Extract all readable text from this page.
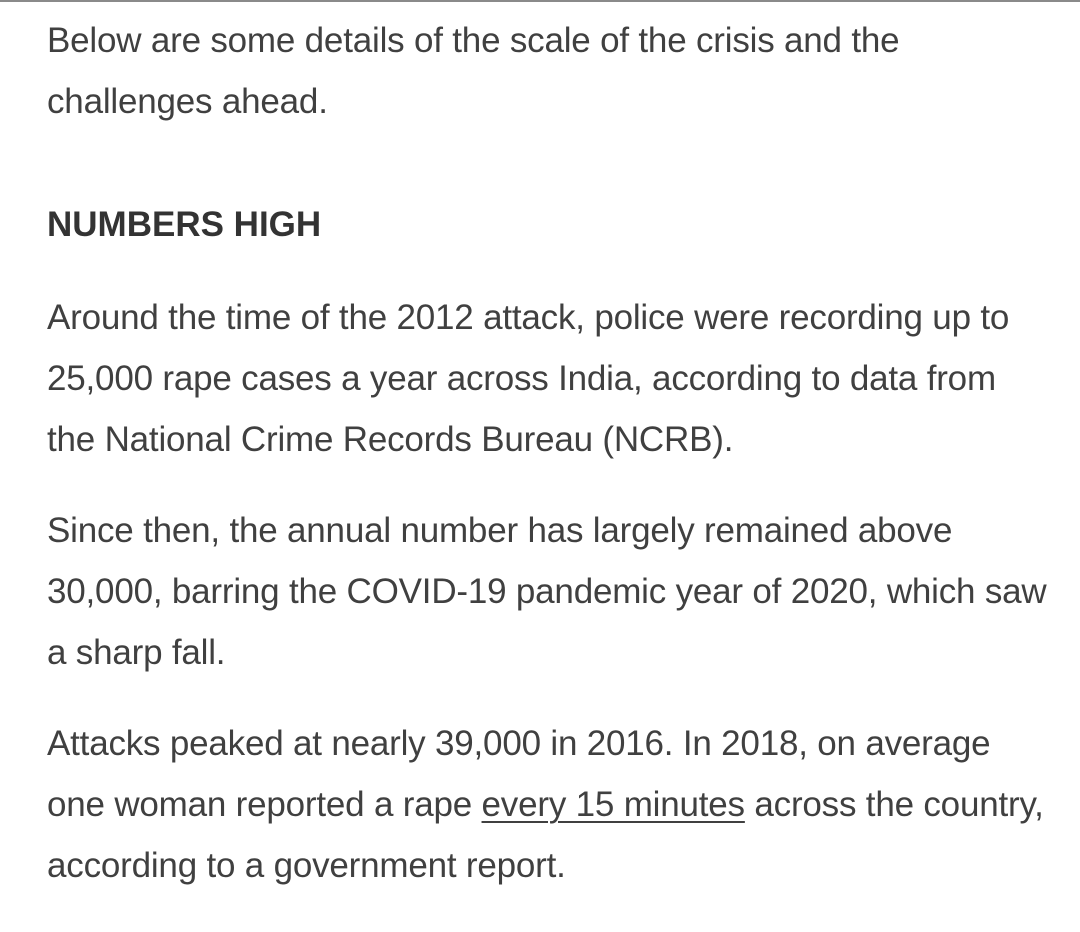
Below are some details of the scale of the crisis and the challenges ahead.

NUMBERS HIGH

Around the time of the 2012 attack, police were recording up to 25,000 rape cases a year across India, according to data from the National Crime Records Bureau (NCRB).

Since then, the annual number has largely remained above 30,000, barring the COVID-19 pandemic year of 2020, which saw a sharp fall.

Attacks peaked at nearly 39,000 in 2016. In 2018, on average one woman reported a rape every 15 minutes across the country, according to a government report.
